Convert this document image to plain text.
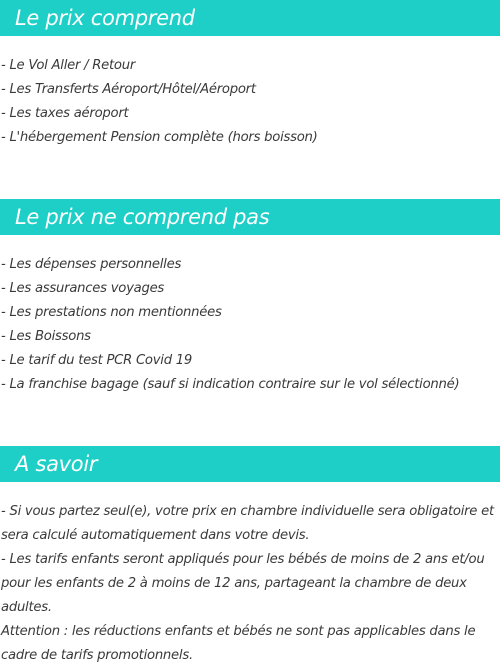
Le prix comprend
- Le Vol Aller / Retour
- Les Transferts Aéroport/Hôtel/Aéroport
- Les taxes aéroport
- L'hébergement Pension complète (hors boisson)
Le prix ne comprend pas
- Les dépenses personnelles
- Les assurances voyages
- Les prestations non mentionnées
- Les Boissons
- Le tarif du test PCR Covid 19
- La franchise bagage (sauf si indication contraire sur le vol sélectionné)
A savoir

- Si vous partez seul(e), votre prix en chambre individuelle sera obligatoire et sera calculé automatiquement dans votre devis.

- Les tarifs enfants seront appliqués pour les bébés de moins de 2 ans et/ou pour les enfants de 2 à moins de 12 ans, partageant la chambre de deux adultes.

Attention : les réductions enfants et bébés ne sont pas applicables dans le cadre de tarifs promotionnels.
